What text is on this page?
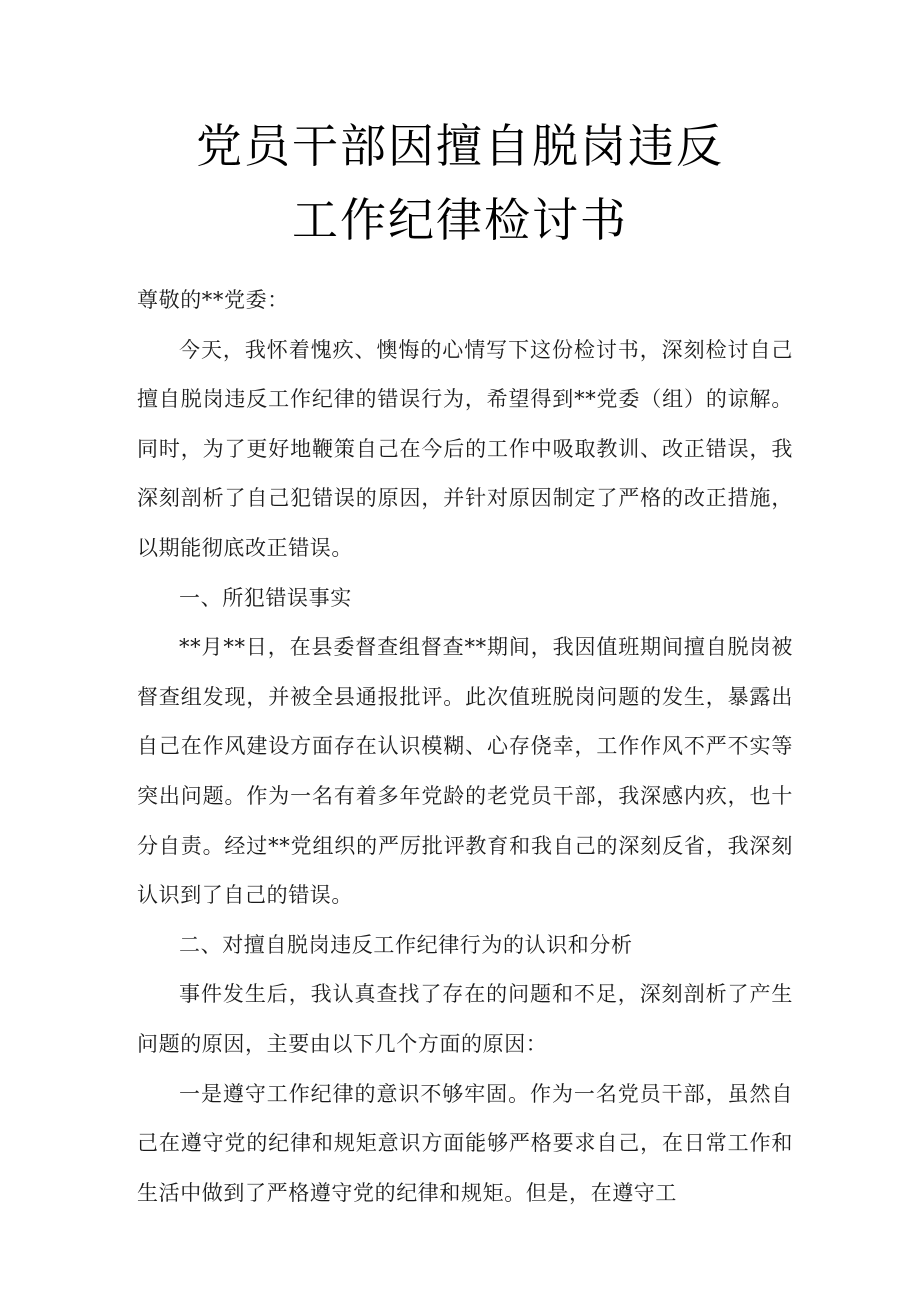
党员干部因擅自脱岗违反
工作纪律检讨书

尊敬的**党委：

今天，我怀着愧疚、懊悔的心情写下这份检讨书，深刻检讨自己擅自脱岗违反工作纪律的错误行为，希望得到**党委（组）的谅解。同时，为了更好地鞭策自己在今后的工作中吸取教训、改正错误，我深刻剖析了自己犯错误的原因，并针对原因制定了严格的改正措施，以期能彻底改正错误。

一、所犯错误事实

**月**日，在县委督查组督查**期间，我因值班期间擅自脱岗被督查组发现，并被全县通报批评。此次值班脱岗问题的发生，暴露出自己在作风建设方面存在认识模糊、心存侥幸，工作作风不严不实等突出问题。作为一名有着多年党龄的老党员干部，我深感内疚，也十分自责。经过**党组织的严厉批评教育和我自己的深刻反省，我深刻认识到了自己的错误。

二、对擅自脱岗违反工作纪律行为的认识和分析

事件发生后，我认真查找了存在的问题和不足，深刻剖析了产生问题的原因，主要由以下几个方面的原因：

一是遵守工作纪律的意识不够牢固。作为一名党员干部，虽然自己在遵守党的纪律和规矩意识方面能够严格要求自己，在日常工作和生活中做到了严格遵守党的纪律和规矩。但是，在遵守工
